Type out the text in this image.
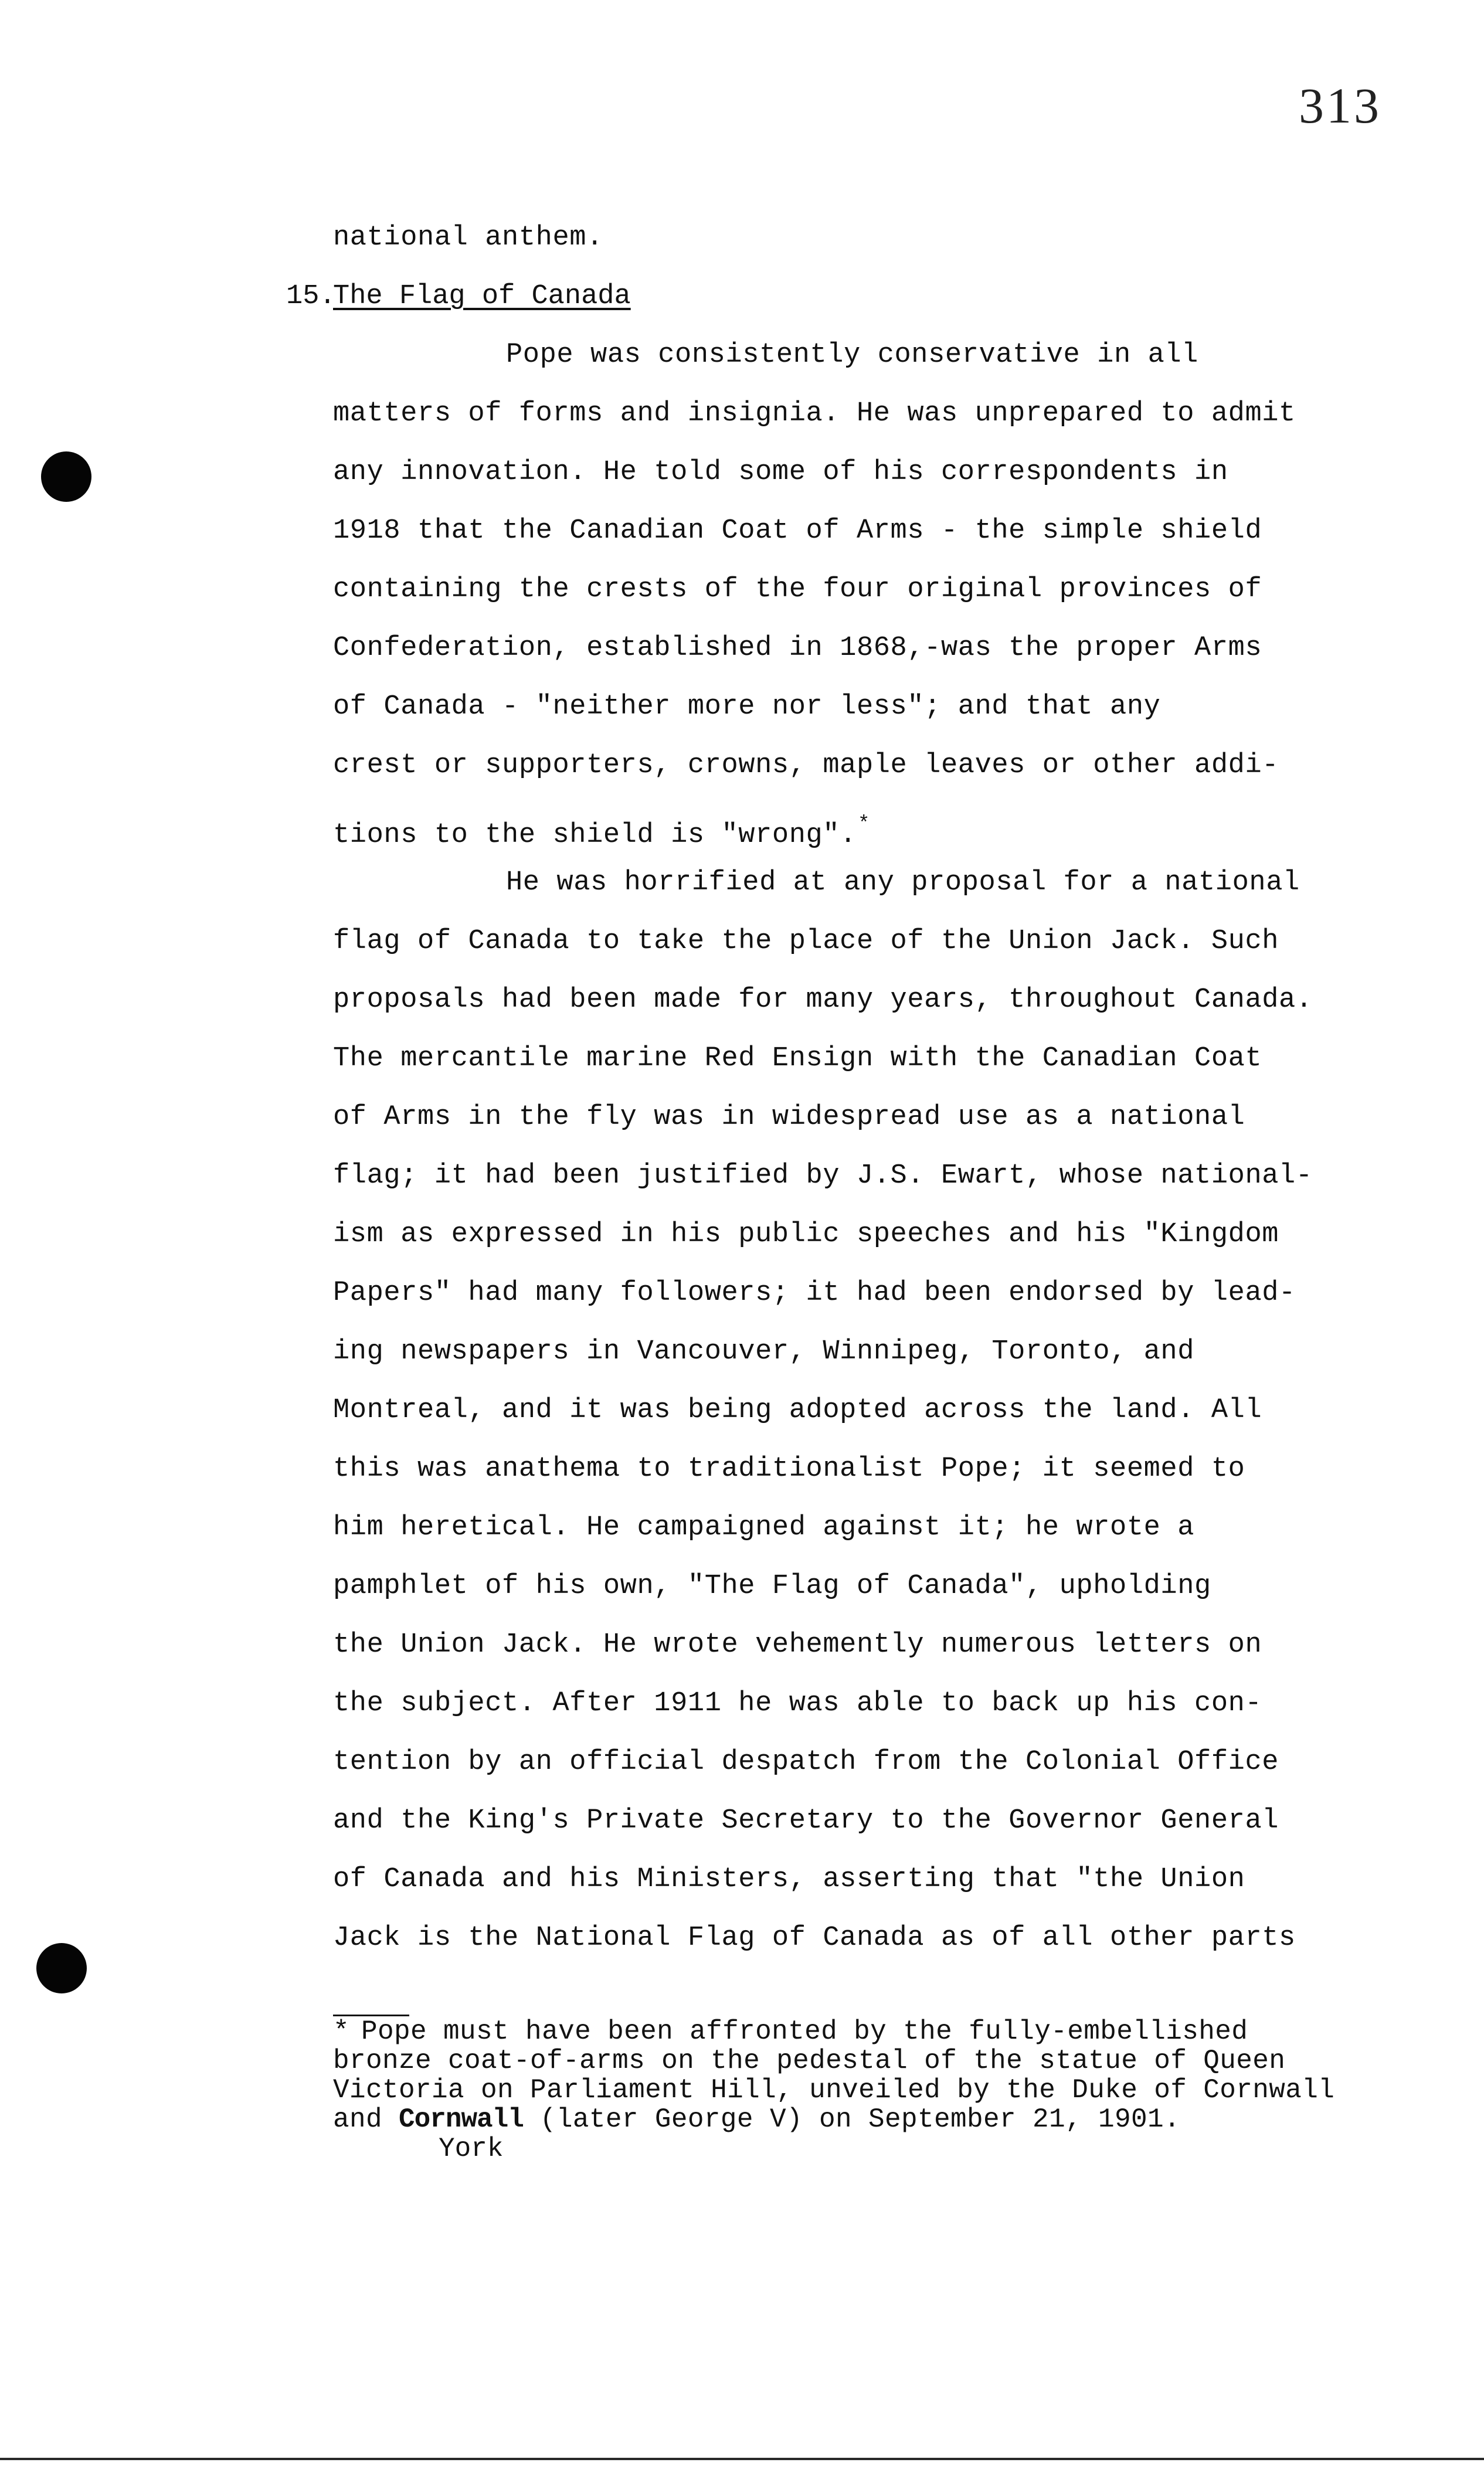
313
national anthem.
15.
The Flag of Canada
Pope was consistently conservative in all
matters of forms and insignia. He was unprepared to admit
any innovation. He told some of his correspondents in
1918 that the Canadian Coat of Arms - the simple shield
containing the crests of the four original provinces of
Confederation, established in 1868,-was the proper Arms
of Canada - "neither more nor less"; and that any
crest or supporters, crowns, maple leaves or other addi-
tions to the shield is "wrong".*
He was horrified at any proposal for a national
flag of Canada to take the place of the Union Jack. Such
proposals had been made for many years, throughout Canada.
The mercantile marine Red Ensign with the Canadian Coat
of Arms in the fly was in widespread use as a national
flag; it had been justified by J.S. Ewart, whose national-
ism as expressed in his public speeches and his "Kingdom
Papers" had many followers; it had been endorsed by lead-
ing newspapers in Vancouver, Winnipeg, Toronto, and
Montreal, and it was being adopted across the land. All
this was anathema to traditionalist Pope; it seemed to
him heretical. He campaigned against it; he wrote a
pamphlet of his own, "The Flag of Canada", upholding
the Union Jack. He wrote vehemently numerous letters on
the subject. After 1911 he was able to back up his con-
tention by an official despatch from the Colonial Office
and the King's Private Secretary to the Governor General
of Canada and his Ministers, asserting that "the Union
Jack is the National Flag of Canada as of all other parts
* Pope must have been affronted by the fully-embellished
bronze coat-of-arms on the pedestal of the statue of Queen
Victoria on Parliament Hill, unveiled by the Duke of Cornwall
and Cornwall (later George V) on September 21, 1901.
York
